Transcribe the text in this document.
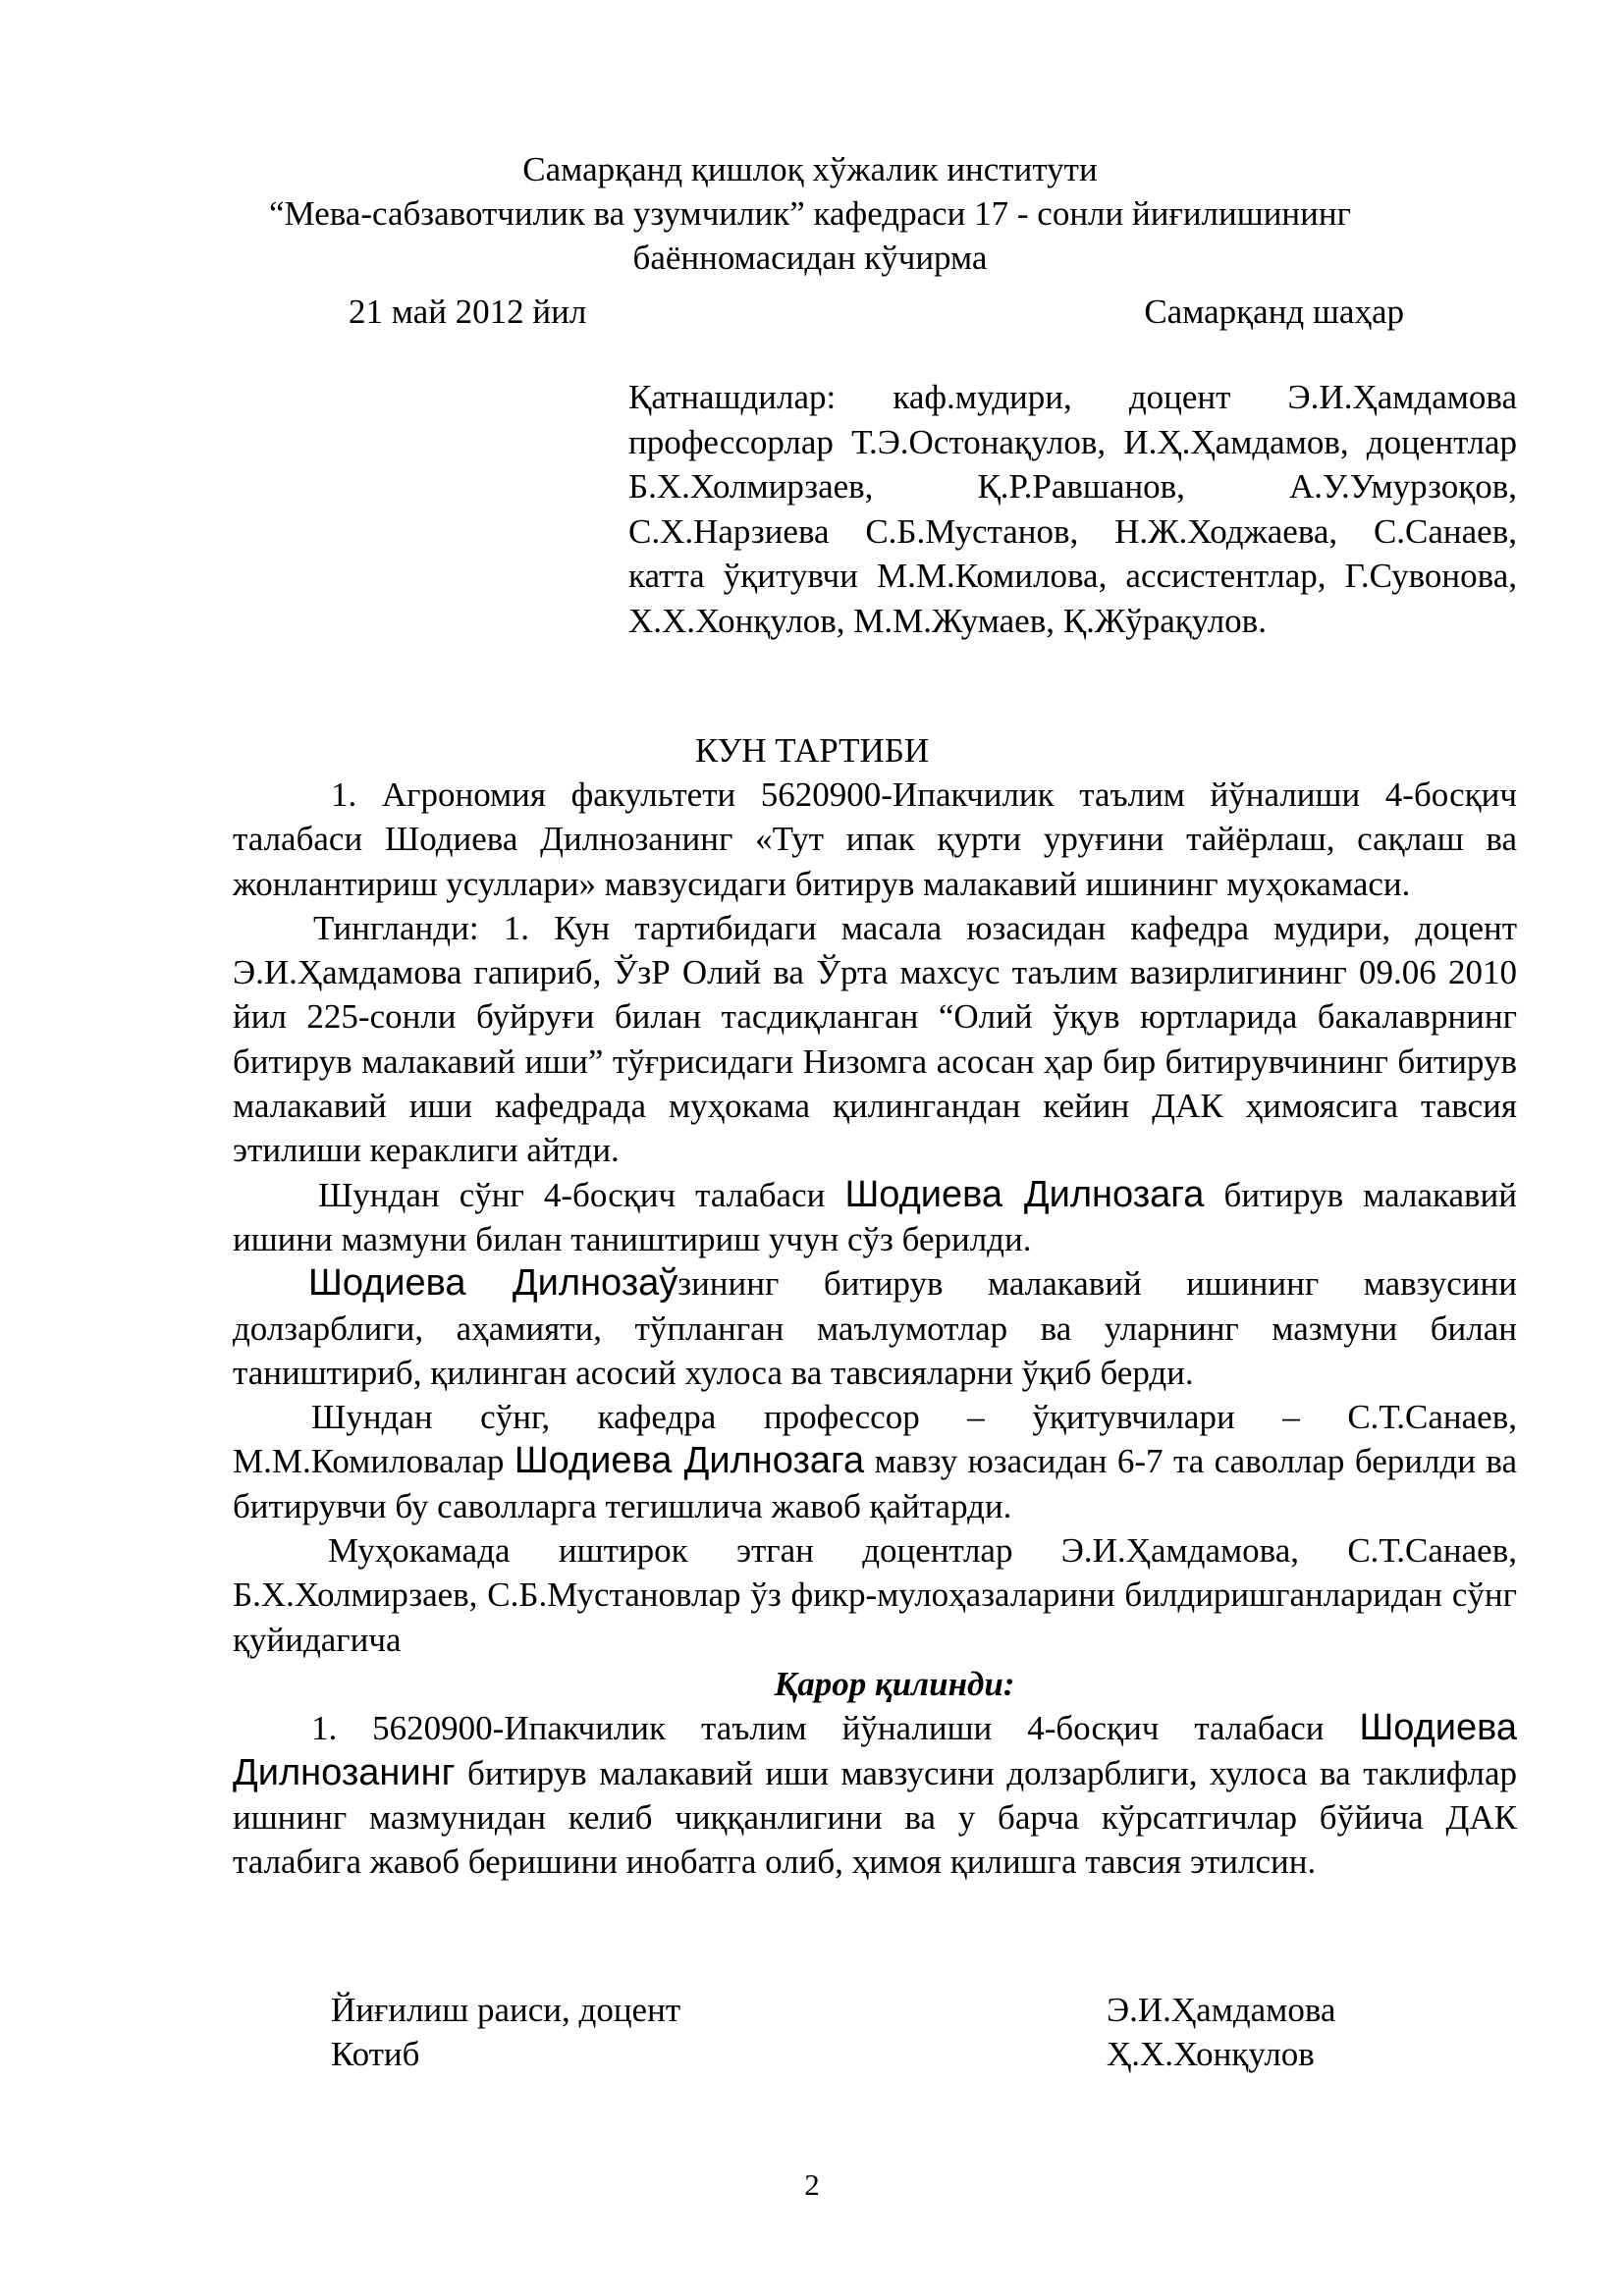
Самарқанд қишлоқ хўжалик институти
“Мева-сабзавотчилик ва узумчилик” кафедраси 17 - сонли йиғилишининг
баённомасидан кўчирма
21 май 2012 йил	Самарқанд шаҳар
Қатнашдилар: каф.мудири, доцент Э.И.Ҳамдамова профессорлар Т.Э.Остонақулов, И.Ҳ.Ҳамдамов, доцентлар Б.Х.Холмирзаев, Қ.Р.Равшанов, А.У.Умурзоқов, С.Х.Нарзиева С.Б.Мустанов, Н.Ж.Ходжаева, С.Санаев, катта ўқитувчи М.М.Комилова, ассистентлар, Г.Сувонова, Х.Х.Хонқулов, М.М.Жумаев, Қ.Жўрақулов.
КУН ТАРТИБИ

1. Агрономия факультети 5620900-Ипакчилик таълим йўналиши 4-босқич талабаси Шодиева Дилнозанинг «Тут ипак қурти уруғини тайёрлаш, сақлаш ва жонлантириш усуллари» мавзусидаги битирув малакавий ишининг муҳокамаси.

Тингланди: 1. Кун тартибидаги масала юзасидан кафедра мудири, доцент Э.И.Ҳамдамова гапириб, ЎзР Олий ва Ўрта махсус таълим вазирлигининг 09.06 2010 йил 225-сонли буйруғи билан тасдиқланган “Олий ўқув юртларида бакалаврнинг битирув малакавий иши” тўғрисидаги Низомга асосан ҳар бир битирувчининг битирув малакавий иши кафедрада муҳокама қилингандан кейин ДАК ҳимоясига тавсия этилиши кераклиги айтди.

Шундан сўнг 4-босқич талабаси Шодиева Дилнозага битирув малакавий ишини мазмуни билан таништириш учун сўз берилди.

Шодиева Дилнозаўзининг битирув малакавий ишининг мавзусини долзарблиги, аҳамияти, тўпланган маълумотлар ва уларнинг мазмуни билан таништириб, қилинган асосий хулоса ва тавсияларни ўқиб берди.

Шундан сўнг, кафедра профессор – ўқитувчилари – С.Т.Санаев, М.М.Комиловалар Шодиева Дилнозага мавзу юзасидан 6-7 та саволлар берилди ва битирувчи бу саволларга тегишлича жавоб қайтарди.

Муҳокамада иштирок этган доцентлар Э.И.Ҳамдамова, С.Т.Санаев, Б.Х.Холмирзаев, С.Б.Мустановлар ўз фикр-мулоҳазаларини билдиришганларидан сўнг қуйидагича

Қарор қилинди:

1. 5620900-Ипакчилик таълим йўналиши 4-босқич талабаси Шодиева Дилнозанинг битирув малакавий иши мавзусини долзарблиги, хулоса ва таклифлар ишнинг мазмунидан келиб чиққанлигини ва у барча кўрсатгичлар бўйича ДАК талабига жавоб беришини инобатга олиб, ҳимоя қилишга тавсия этилсин.

Йиғилиш раиси, доцент	Э.И.Ҳамдамова
Котиб	Ҳ.Х.Хонқулов
2
